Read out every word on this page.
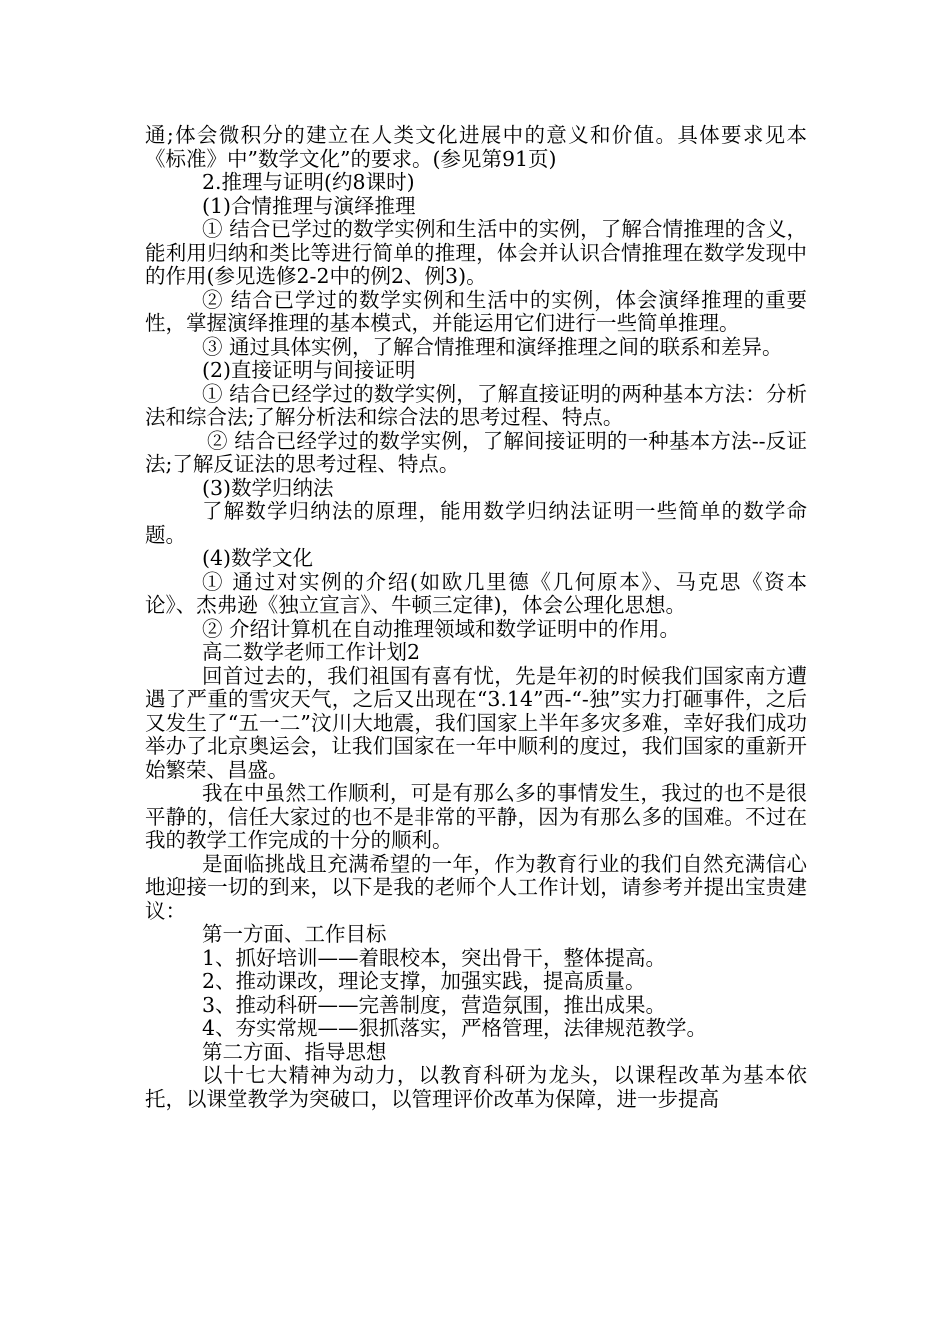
通;体会微积分的建立在人类文化进展中的意义和价值。具体要求见本《标准》中”数学文化”的要求。(参见第91页)

2.推理与证明(约8课时)

(1)合情推理与演绎推理

① 结合已学过的数学实例和生活中的实例，了解合情推理的含义，能利用归纳和类比等进行简单的推理，体会并认识合情推理在数学发现中的作用(参见选修2-2中的例2、例3)。

② 结合已学过的数学实例和生活中的实例，体会演绎推理的重要性，掌握演绎推理的基本模式，并能运用它们进行一些简单推理。

③ 通过具体实例，了解合情推理和演绎推理之间的联系和差异。

(2)直接证明与间接证明

① 结合已经学过的数学实例，了解直接证明的两种基本方法：分析法和综合法;了解分析法和综合法的思考过程、特点。

② 结合已经学过的数学实例，了解间接证明的一种基本方法--反证法;了解反证法的思考过程、特点。

(3)数学归纳法

了解数学归纳法的原理，能用数学归纳法证明一些简单的数学命题。

(4)数学文化

① 通过对实例的介绍(如欧几里德《几何原本》、马克思《资本论》、杰弗逊《独立宣言》、牛顿三定律)，体会公理化思想。

② 介绍计算机在自动推理领域和数学证明中的作用。

高二数学老师工作计划2

回首过去的，我们祖国有喜有忧，先是年初的时候我们国家南方遭遇了严重的雪灾天气，之后又出现在“3.14”西-“-独”实力打砸事件，之后又发生了“五一二”汶川大地震，我们国家上半年多灾多难，幸好我们成功举办了北京奥运会，让我们国家在一年中顺利的度过，我们国家的重新开始繁荣、昌盛。

我在中虽然工作顺利，可是有那么多的事情发生，我过的也不是很平静的，信任大家过的也不是非常的平静，因为有那么多的国难。不过在我的教学工作完成的十分的顺利。

是面临挑战且充满希望的一年，作为教育行业的我们自然充满信心地迎接一切的到来，以下是我的老师个人工作计划，请参考并提出宝贵建议：

第一方面、工作目标

1、抓好培训——着眼校本，突出骨干，整体提高。

2、推动课改，理论支撑，加强实践，提高质量。

3、推动科研——完善制度，营造氛围，推出成果。

4、夯实常规——狠抓落实，严格管理，法律规范教学。

第二方面、指导思想

以十七大精神为动力，以教育科研为龙头，以课程改革为基本依托，以课堂教学为突破口，以管理评价改革为保障，进一步提高
